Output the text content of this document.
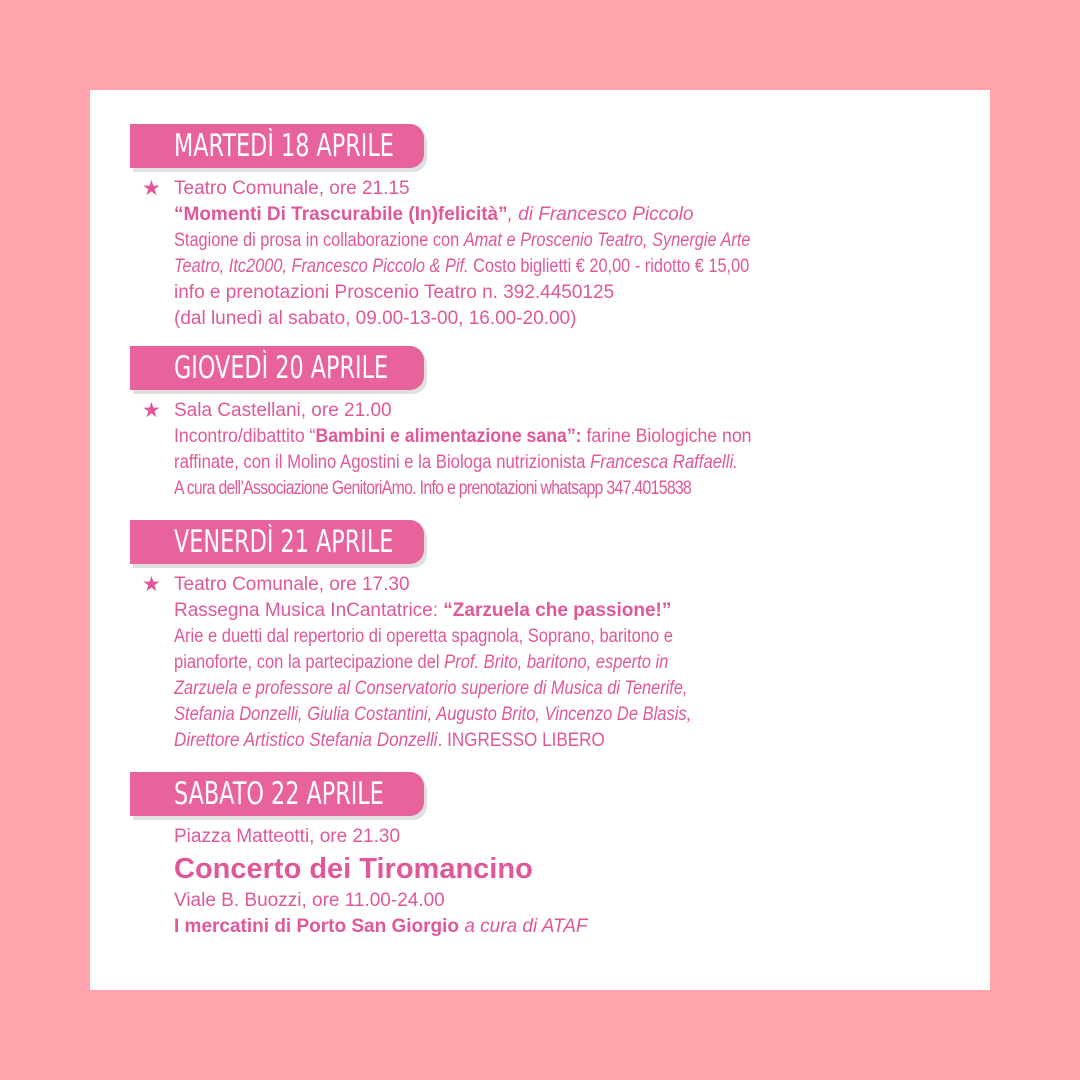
MARTEDÌ 18 APRILE
★ Teatro Comunale, ore 21.15
“Momenti Di Trascurabile (In)felicità”, di Francesco Piccolo
Stagione di prosa in collaborazione con Amat e Proscenio Teatro, Synergie Arte
Teatro, Itc2000, Francesco Piccolo & Pif. Costo biglietti € 20,00 - ridotto € 15,00
info e prenotazioni Proscenio Teatro n. 392.4450125
(dal lunedì al sabato, 09.00-13-00, 16.00-20.00)
GIOVEDÌ 20 APRILE
★ Sala Castellani, ore 21.00
Incontro/dibattito “Bambini e alimentazione sana”: farine Biologiche non
raffinate, con il Molino Agostini e la Biologa nutrizionista Francesca Raffaelli.
A cura dell’Associazione GenitoriAmo. Info e prenotazioni whatsapp 347.4015838
VENERDÌ 21 APRILE
★ Teatro Comunale, ore 17.30
Rassegna Musica InCantatrice: “Zarzuela che passione!”
Arie e duetti dal repertorio di operetta spagnola, Soprano, baritono e
pianoforte, con la partecipazione del Prof. Brito, baritono, esperto in
Zarzuela e professore al Conservatorio superiore di Musica di Tenerife,
Stefania Donzelli, Giulia Costantini, Augusto Brito, Vincenzo De Blasis,
Direttore Artistico Stefania Donzelli. INGRESSO LIBERO
SABATO 22 APRILE
Piazza Matteotti, ore 21.30
Concerto dei Tiromancino
Viale B. Buozzi, ore 11.00-24.00
I mercatini di Porto San Giorgio a cura di ATAF
